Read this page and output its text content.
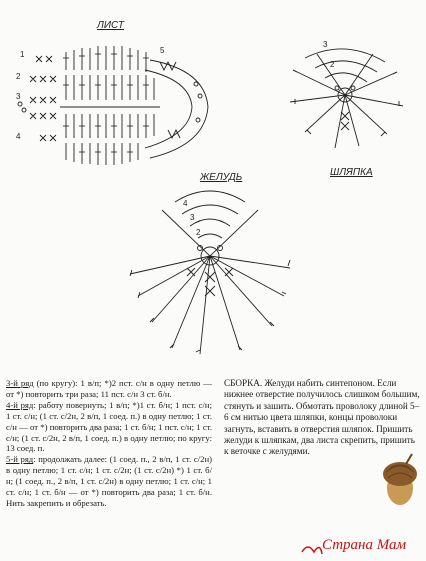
ЛИСТ
ЖЕЛУДЬ	ШЛЯПКА
1
2
3
4
5
3
2
4
3
2

3-й ряд (по кругу): 1 в/п; *)2 пст. с/н в одну петлю — от *) повторить три раза; 11 пст. с/н 3 ст. б/н.

4-й ряд: работу повернуть; 1 в/п; *)1 ст. б/н; 1 пст. с/н; 1 ст. с/н; (1 ст. с/2н, 2 в/п, 1 соед. п.) в одну петлю; 1 ст. с/н — от *) повторить два раза; 1 ст. б/н; 1 пст. с/н; 1 ст. с/н; (1 ст. с/2н, 2 в/п, 1 соед. п.) в одну петлю; по кругу: 13 соед. п.

5-й ряд: продолжать далее: (1 соед. п., 2 в/п, 1 ст. с/2н) в одну петлю; 1 ст. с/н; 1 ст. с/2н; (1 ст. с/2н) *) 1 ст. б/н; (1 соед. п., 2 в/п, 1 ст. с/2н) в одну петлю; 1 ст. с/н; 1 ст. с/н; 1 ст. б/н — от *) повторить два раза; 1 ст. б/н. Нить закрепить и обрезать.

СБОРКА. Желуди набить синтепоном. Если нижнее отверстие получилось слишком большим, стянуть и зашить. Обмотать проволоку длиной 5–6 см нитью цвета шляпки, концы проволоки загнуть, вставить в отверстия шляпок. Пришить желуди к шляпкам, два листа скрепить, пришить к веточке с желудями.

Страна Мам
